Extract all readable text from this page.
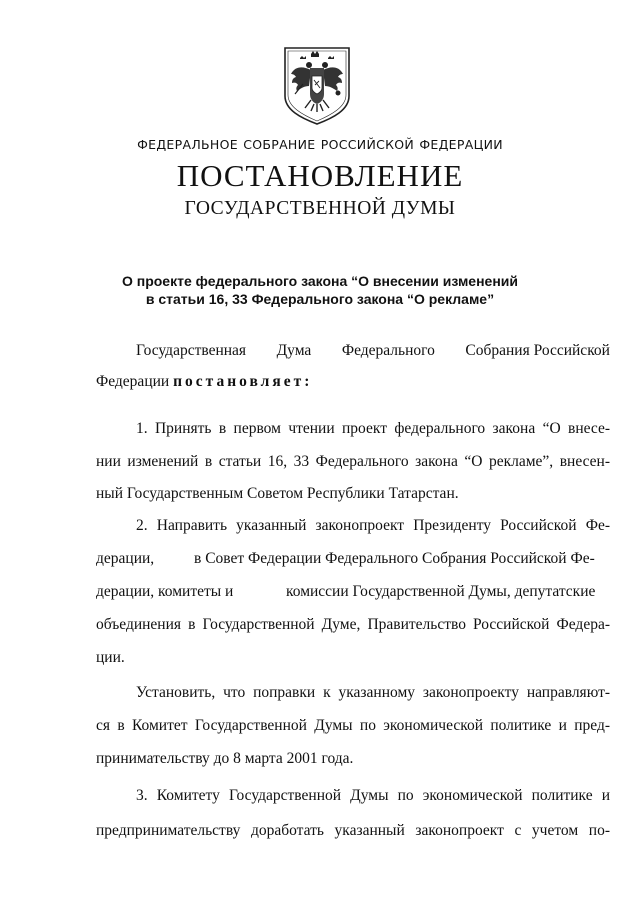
ФЕДЕРАЛЬНОЕ СОБРАНИЕ РОССИЙСКОЙ ФЕДЕРАЦИИ
ПОСТАНОВЛЕНИЕ
ГОСУДАРСТВЕННОЙ ДУМЫ
О проекте федерального закона “О внесении изменений
в статьи 16, 33 Федерального закона “О рекламе”
Государственная Дума Федерального Собрания Российской
Федерации постановляет:
1. Принять в первом чтении проект федерального закона “О внесе-
нии изменений в статьи 16, 33 Федерального закона “О рекламе”, внесен-
ный Государственным Советом Республики Татарстан.
2. Направить указанный законопроект Президенту Российской Фе-
дерации,	в Совет Федерации Федерального Собрания Российской Фе-
дерации, комитеты и	комиссии Государственной Думы, депутатские
объединения в Государственной Думе, Правительство Российской Федера-
ции.
Установить, что поправки к указанному законопроекту направляют-
ся в Комитет Государственной Думы по экономической политике и пред-
принимательству до 8 марта 2001 года.
3. Комитету Государственной Думы по экономической политике и
предпринимательству доработать указанный законопроект с учетом по-
